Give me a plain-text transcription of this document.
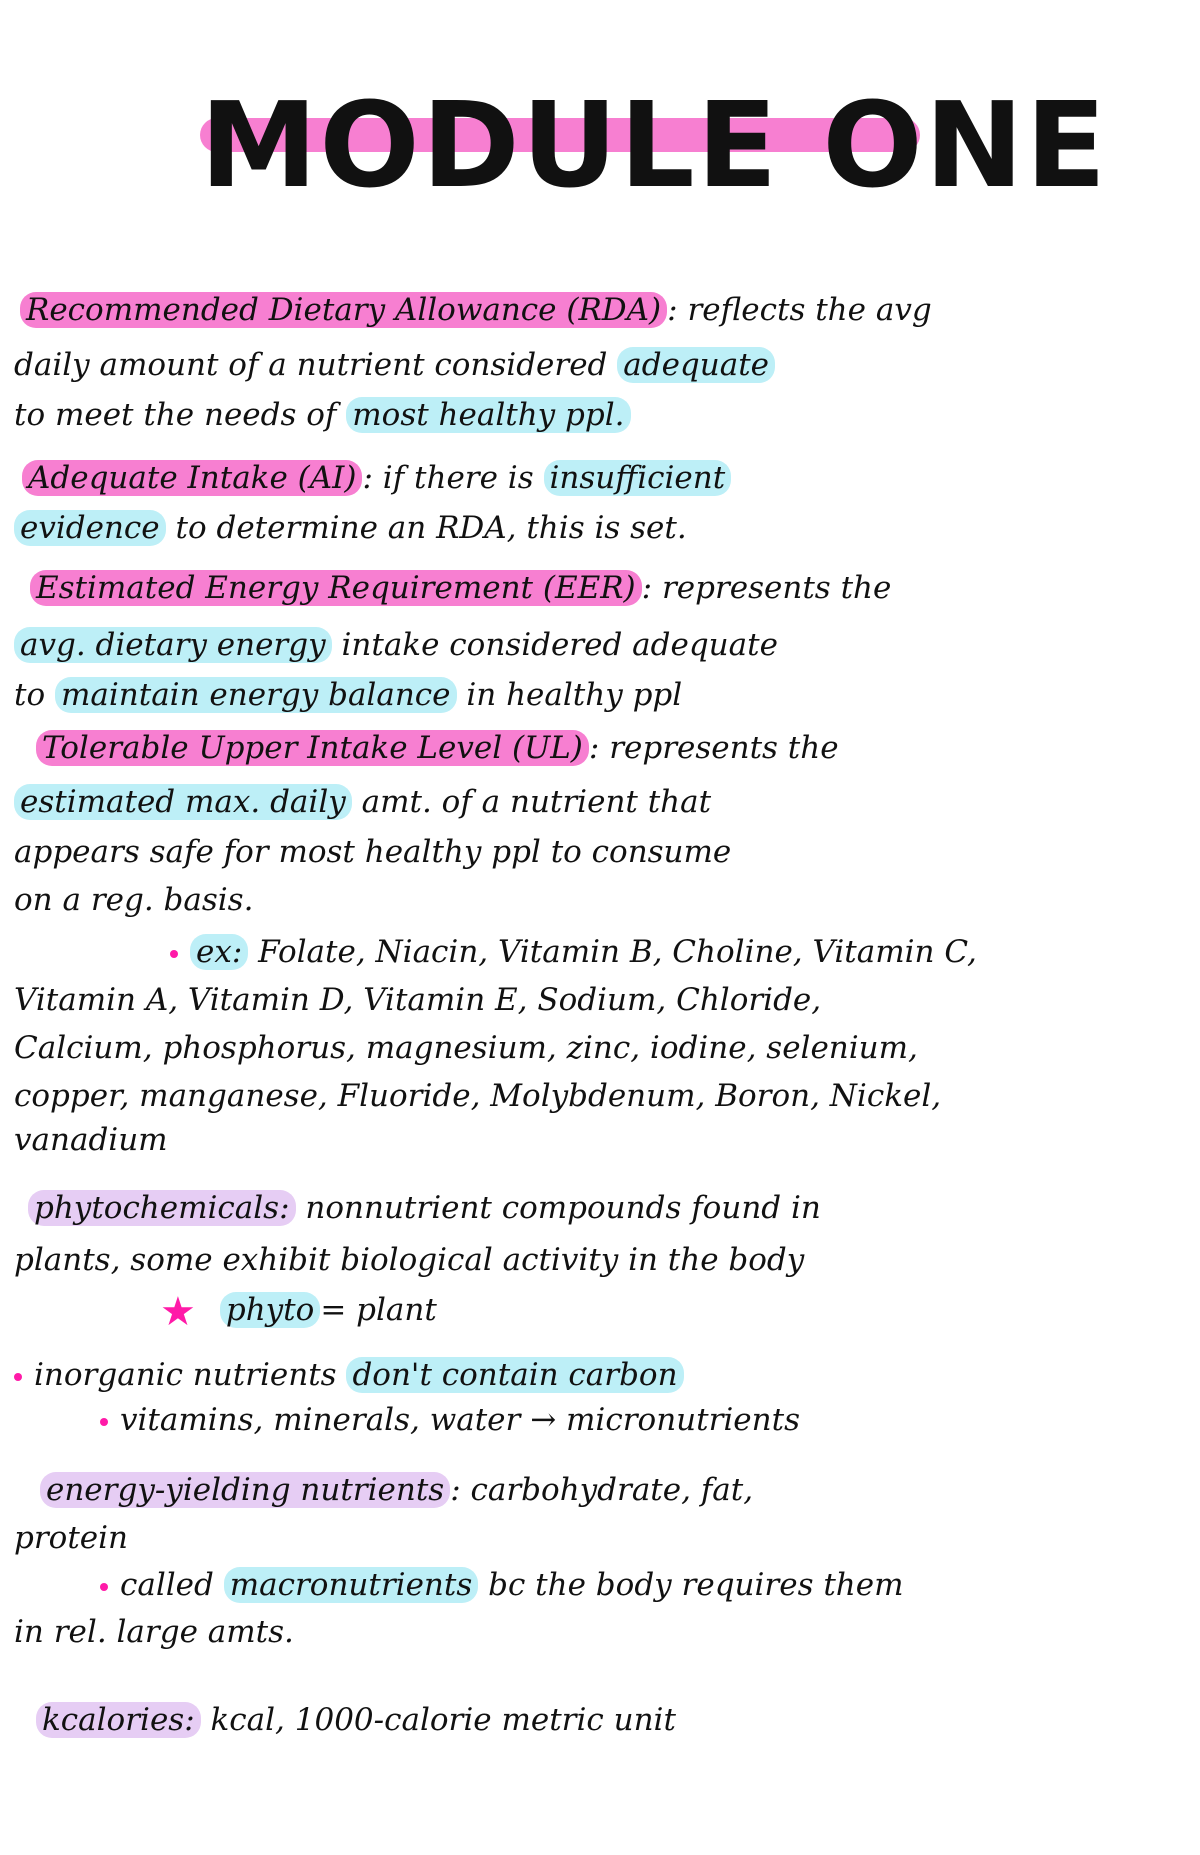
MODULE ONE
Recommended Dietary Allowance (RDA) : reflects the avg
daily amount of a nutrient considered adequate
to meet the needs of most healthy ppl.
Adequate Intake (AI) : if there is insufficient
evidence to determine an RDA, this is set.
Estimated Energy Requirement (EER) : represents the
avg. dietary energy intake considered adequate
to maintain energy balance in healthy ppl
Tolerable Upper Intake Level (UL) : represents the
estimated max. daily amt. of a nutrient that
appears safe for most healthy ppl to consume
on a reg. basis.
ex: Folate, Niacin, Vitamin B, Choline, Vitamin C,
Vitamin A, Vitamin D, Vitamin E, Sodium, Chloride,
Calcium, phosphorus, magnesium, zinc, iodine, selenium,
copper, manganese, Fluoride, Molybdenum, Boron, Nickel,
vanadium
phytochemicals: nonnutrient compounds found in
plants, some exhibit biological activity in the body
★ phyto = plant
inorganic nutrients don't contain carbon
vitamins, minerals, water → micronutrients
energy-yielding nutrients : carbohydrate, fat,
protein
called macronutrients bc the body requires them
in rel. large amts.
kcalories: kcal, 1000-calorie metric unit
